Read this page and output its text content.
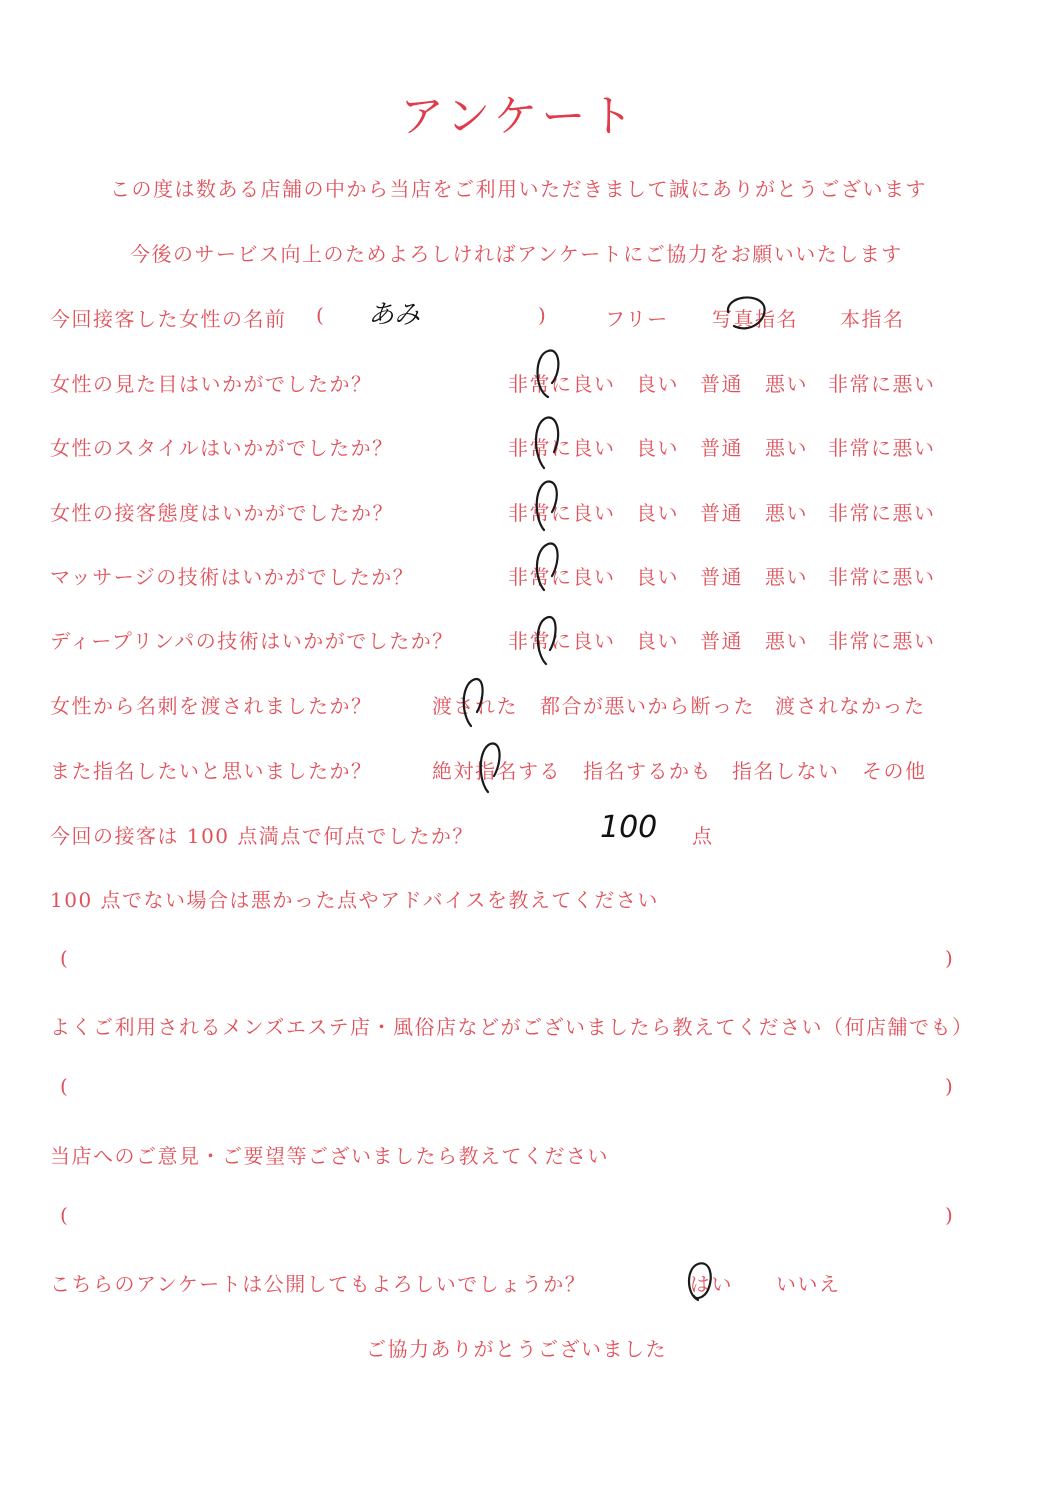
アンケート
この度は数ある店舗の中から当店をご利用いただきまして誠にありがとうございます
今後のサービス向上のためよろしければアンケートにご協力をお願いいたします
今回接客した女性の名前 ( あみ	)	フリー 写真指名 本指名
女性の見た目はいかがでしたか？	非常に良い 良い 普通 悪い 非常に悪い
女性のスタイルはいかがでしたか？	非常に良い 良い 普通 悪い 非常に悪い
女性の接客態度はいかがでしたか？	非常に良い 良い 普通 悪い 非常に悪い
マッサージの技術はいかがでしたか？	非常に良い 良い 普通 悪い 非常に悪い
ディープリンパの技術はいかがでしたか？	非常に良い 良い 普通 悪い 非常に悪い
女性から名刺を渡されましたか？	渡された 都合が悪いから断った 渡されなかった
また指名したいと思いましたか？	絶対指名する 指名するかも 指名しない その他
今回の接客は 100 点満点で何点でしたか？	100 点
100 点でない場合は悪かった点やアドバイスを教えてください
(	)
よくご利用されるメンズエステ店・風俗店などがございましたら教えてください（何店舗でも）
(	)
当店へのご意見・ご要望等ございましたら教えてください
(	)
こちらのアンケートは公開してもよろしいでしょうか？	はい いいえ
ご協力ありがとうございました
